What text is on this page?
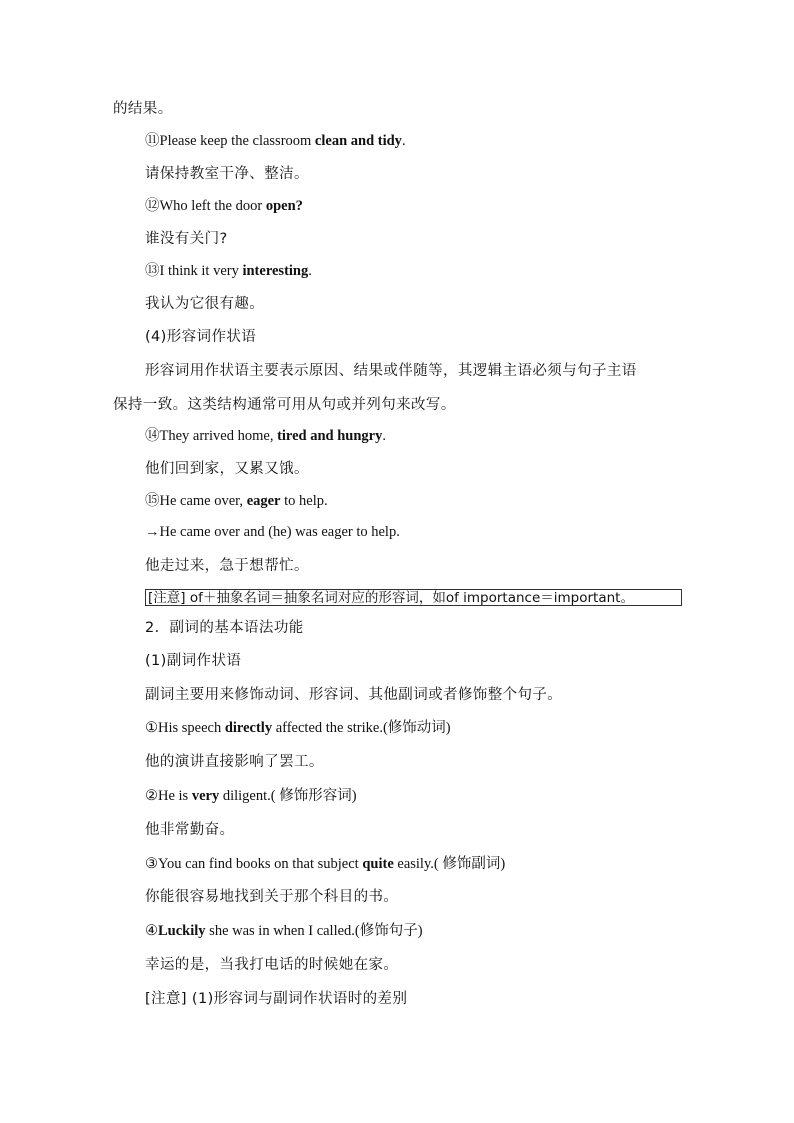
的结果。
⑪Please keep the classroom clean and tidy.
请保持教室干净、整洁。
⑫Who left the door open?
谁没有关门?
⑬I think it very interesting.
我认为它很有趣。
(4)形容词作状语
形容词用作状语主要表示原因、结果或伴随等，其逻辑主语必须与句子主语
保持一致。这类结构通常可用从句或并列句来改写。
⑭They arrived home, tired and hungry.
他们回到家，又累又饿。
⑮He came over, eager to help.
→He came over and (he) was eager to help.
他走过来，急于想帮忙。
[注意] of＋抽象名词＝抽象名词对应的形容词，如of importance＝important。
2．副词的基本语法功能
(1)副词作状语
副词主要用来修饰动词、形容词、其他副词或者修饰整个句子。
①His speech directly affected the strike.(修饰动词)
他的演讲直接影响了罢工。
②He is very diligent.( 修饰形容词)
他非常勤奋。
③You can find books on that subject quite easily.( 修饰副词)
你能很容易地找到关于那个科目的书。
④Luckily she was in when I called.(修饰句子)
幸运的是，当我打电话的时候她在家。
[注意] (1)形容词与副词作状语时的差别
